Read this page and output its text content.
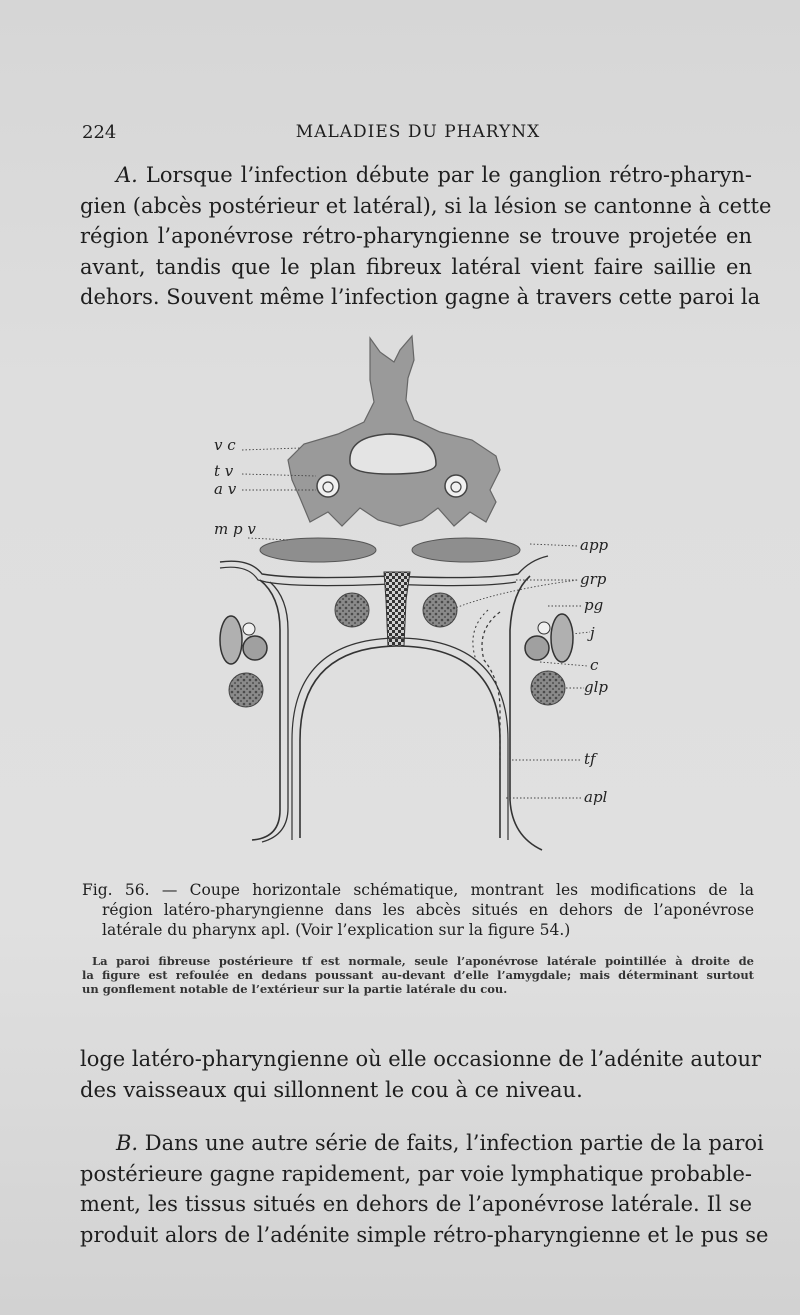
224	MALADIES DU PHARYNX
A. Lorsque l’infection débute par le ganglion rétro-pharyn-
gien (abcès postérieur et latéral), si la lésion se cantonne à cette
région l’aponévrose rétro-pharyngienne se trouve projetée en
avant, tandis que le plan fibreux latéral vient faire saillie en
dehors. Souvent même l’infection gagne à travers cette paroi la
v c
t v
a v
m p v
app
grp
pg
j
c
glp
tf
apl
Fig. 56. — Coupe horizontale schématique, montrant les modifications de la
région latéro-pharyngienne dans les abcès situés en dehors de l’aponévrose
latérale du pharynx apl. (Voir l’explication sur la figure 54.)
La paroi fibreuse postérieure tf est normale, seule l’aponévrose latérale pointillée à droite de
la figure est refoulée en dedans poussant au-devant d’elle l’amygdale; mais déterminant surtout
un gonflement notable de l’extérieur sur la partie latérale du cou.
loge latéro-pharyngienne où elle occasionne de l’adénite autour
des vaisseaux qui sillonnent le cou à ce niveau.
B. Dans une autre série de faits, l’infection partie de la paroi
postérieure gagne rapidement, par voie lymphatique probable-
ment, les tissus situés en dehors de l’aponévrose latérale. Il se
produit alors de l’adénite simple rétro-pharyngienne et le pus se
